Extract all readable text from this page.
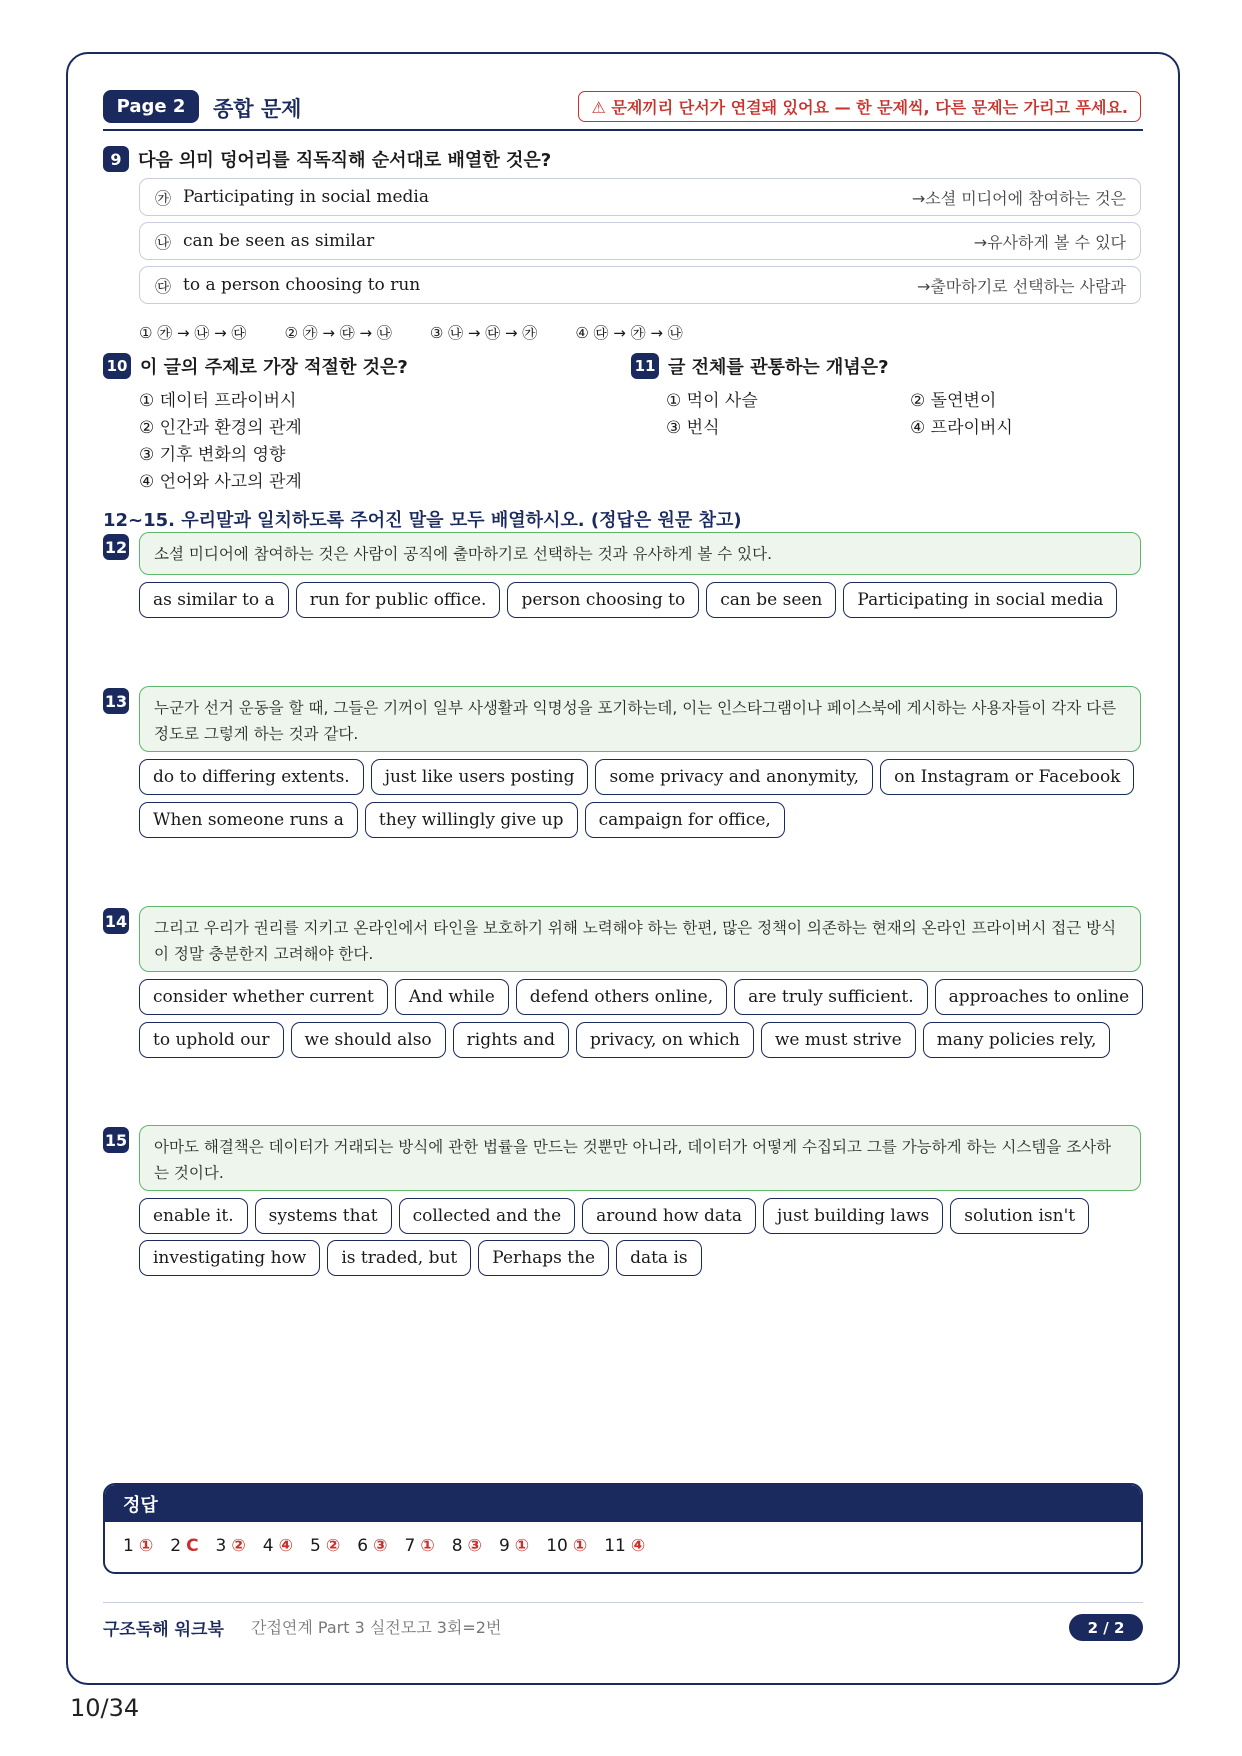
Page 2	종합 문제	⚠ 문제끼리 단서가 연결돼 있어요 — 한 문제씩, 다른 문제는 가리고 푸세요.
9 다음 의미 덩어리를 직독직해 순서대로 배열한 것은?
㉮ Participating in social media	→소셜 미디어에 참여하는 것은
㉯ can be seen as similar	→유사하게 볼 수 있다
㉰ to a person choosing to run	→출마하기로 선택하는 사람과
① ㉮ → ㉯ → ㉰	② ㉮ → ㉰ → ㉯	③ ㉯ → ㉰ → ㉮	④ ㉰ → ㉮ → ㉯
10 이 글의 주제로 가장 적절한 것은?
① 데이터 프라이버시
② 인간과 환경의 관계
③ 기후 변화의 영향
④ 언어와 사고의 관계
11 글 전체를 관통하는 개념은?
① 먹이 사슬	② 돌연변이
③ 번식	④ 프라이버시
12~15. 우리말과 일치하도록 주어진 말을 모두 배열하시오. (정답은 원문 참고)
12	소셜 미디어에 참여하는 것은 사람이 공직에 출마하기로 선택하는 것과 유사하게 볼 수 있다.
as similar to a	run for public office.	person choosing to	can be seen	Participating in social media
13	누군가 선거 운동을 할 때, 그들은 기꺼이 일부 사생활과 익명성을 포기하는데, 이는 인스타그램이나 페이스북에 게시하는 사용자들이 각자 다른 정도로 그렇게 하는 것과 같다.
do to differing extents.	just like users posting	some privacy and anonymity,	on Instagram or Facebook
When someone runs a	they willingly give up	campaign for office,
14	그리고 우리가 권리를 지키고 온라인에서 타인을 보호하기 위해 노력해야 하는 한편, 많은 정책이 의존하는 현재의 온라인 프라이버시 접근 방식이 정말 충분한지 고려해야 한다.
consider whether current	And while	defend others online,	are truly sufficient.	approaches to online
to uphold our	we should also	rights and	privacy, on which	we must strive	many policies rely,
15	아마도 해결책은 데이터가 거래되는 방식에 관한 법률을 만드는 것뿐만 아니라, 데이터가 어떻게 수집되고 그를 가능하게 하는 시스템을 조사하는 것이다.
enable it.	systems that	collected and the	around how data	just building laws	solution isn't
investigating how	is traded, but	Perhaps the	data is
정답
1 ① 2 C 3 ② 4 ④ 5 ② 6 ③ 7 ① 8 ③ 9 ① 10 ① 11 ④
구조독해 워크북 간접연계 Part 3 실전모고 3회=2번	2 / 2
10/34
